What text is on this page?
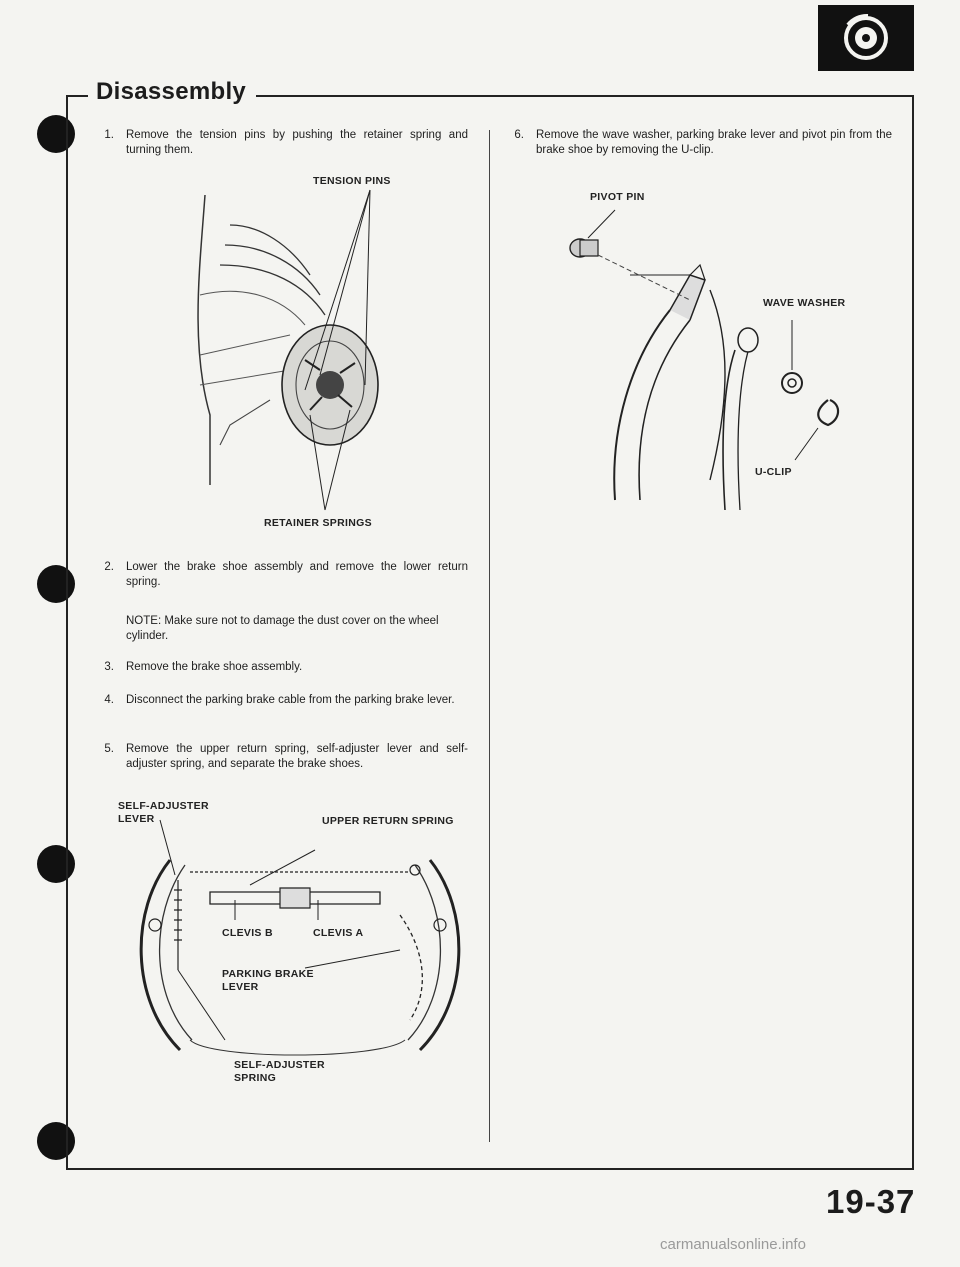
Disassembly
1. Remove the tension pins by pushing the retainer spring and turning them.
TENSION PINS
RETAINER SPRINGS
2. Lower the brake shoe assembly and remove the lower return spring.
NOTE: Make sure not to damage the dust cover on the wheel cylinder.
3. Remove the brake shoe assembly.
4. Disconnect the parking brake cable from the parking brake lever.
5. Remove the upper return spring, self-adjuster lever and self-adjuster spring, and separate the brake shoes.
SELF-ADJUSTER
LEVER	UPPER RETURN SPRING
CLEVIS B	CLEVIS A
PARKING BRAKE
LEVER
SELF-ADJUSTER
SPRING
6. Remove the wave washer, parking brake lever and pivot pin from the brake shoe by removing the U-clip.
PIVOT PIN
WAVE WASHER
U-CLIP
19-37
carmanualsonline.info
